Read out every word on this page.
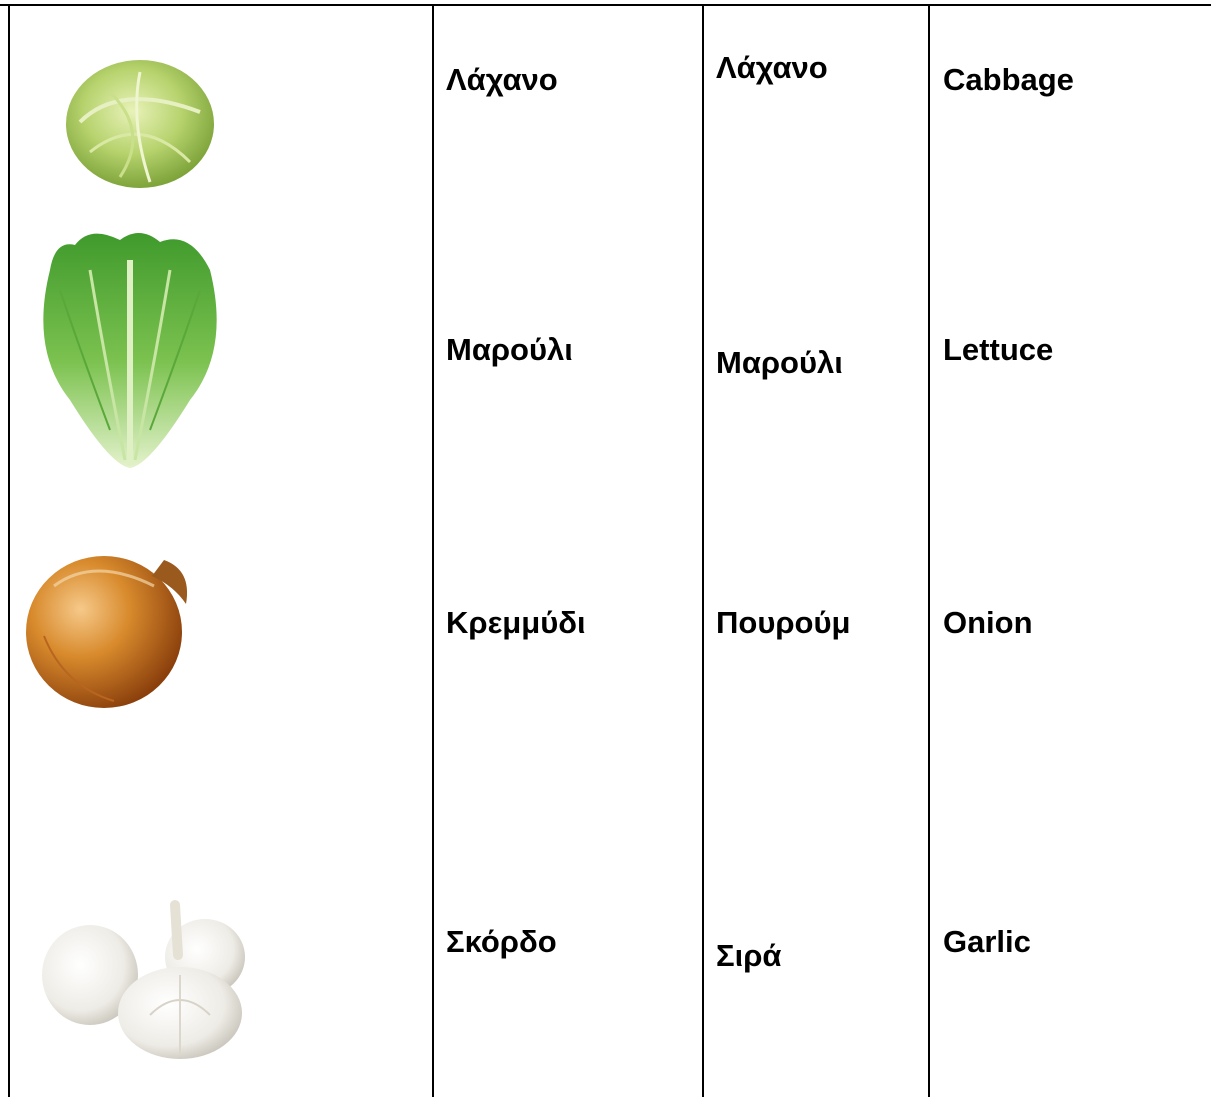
Λάχανο	Λάχανο	Cabbage
Μαρούλι	Μαρούλι	Lettuce
Κρεμμύδι	Πουρούμ	Onion
Σκόρδο	Σιρά	Garlic
